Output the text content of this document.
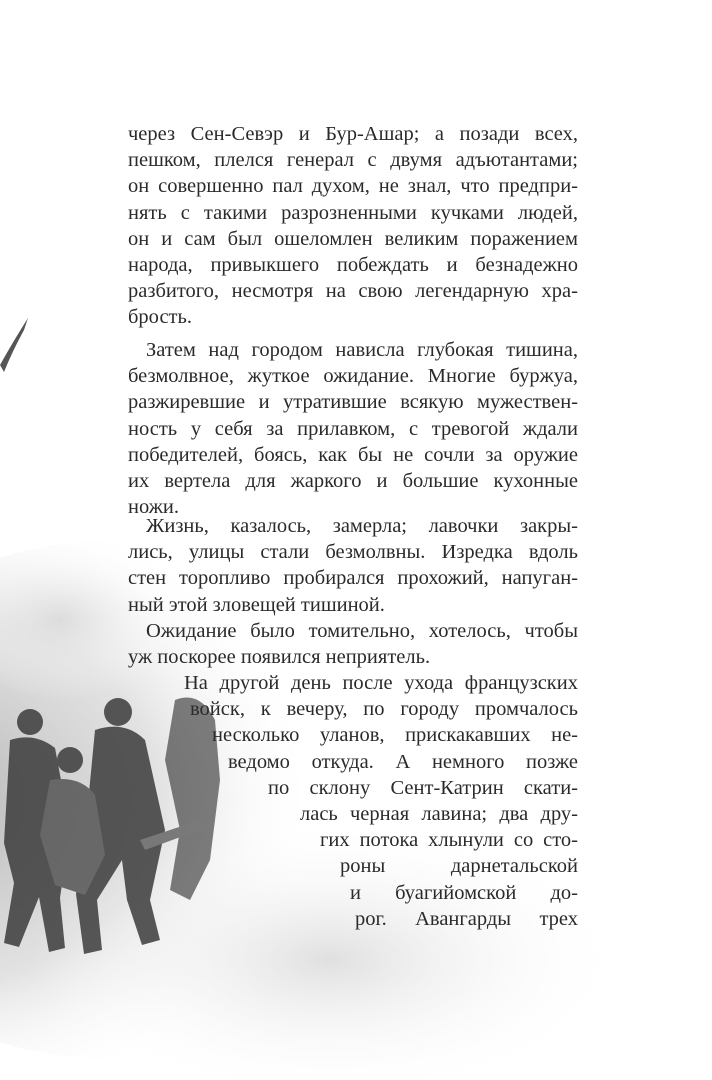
через Сен-Севэр и Бур-Ашар; а позади всех,
пешком, плелся генерал с двумя адъютантами;
он совершенно пал духом, не знал, что предпри-
нять с такими разрозненными кучками людей,
он и сам был ошеломлен великим поражением
народа, привыкшего побеждать и безнадежно
разбитого, несмотря на свою легендарную хра-
брость.
Затем над городом нависла глубокая тишина,
безмолвное, жуткое ожидание. Многие буржуа,
разжиревшие и утратившие всякую мужествен-
ность у себя за прилавком, с тревогой ждали
победителей, боясь, как бы не сочли за оружие
их вертела для жаркого и большие кухонные
ножи.
Жизнь, казалось, замерла; лавочки закры-
лись, улицы стали безмолвны. Изредка вдоль
стен торопливо пробирался прохожий, напуган-
ный этой зловещей тишиной.
Ожидание было томительно, хотелось, чтобы
уж поскорее появился неприятель.
На другой день после ухода французских
войск, к вечеру, по городу промчалось
несколько уланов, прискакавших не-
ведомо откуда. А немного позже
по склону Сент-Катрин скати-
лась черная лавина; два дру-
гих потока хлынули со сто-
роны дарнетальской
и буагийомской до-
рог. Авангарды трех
